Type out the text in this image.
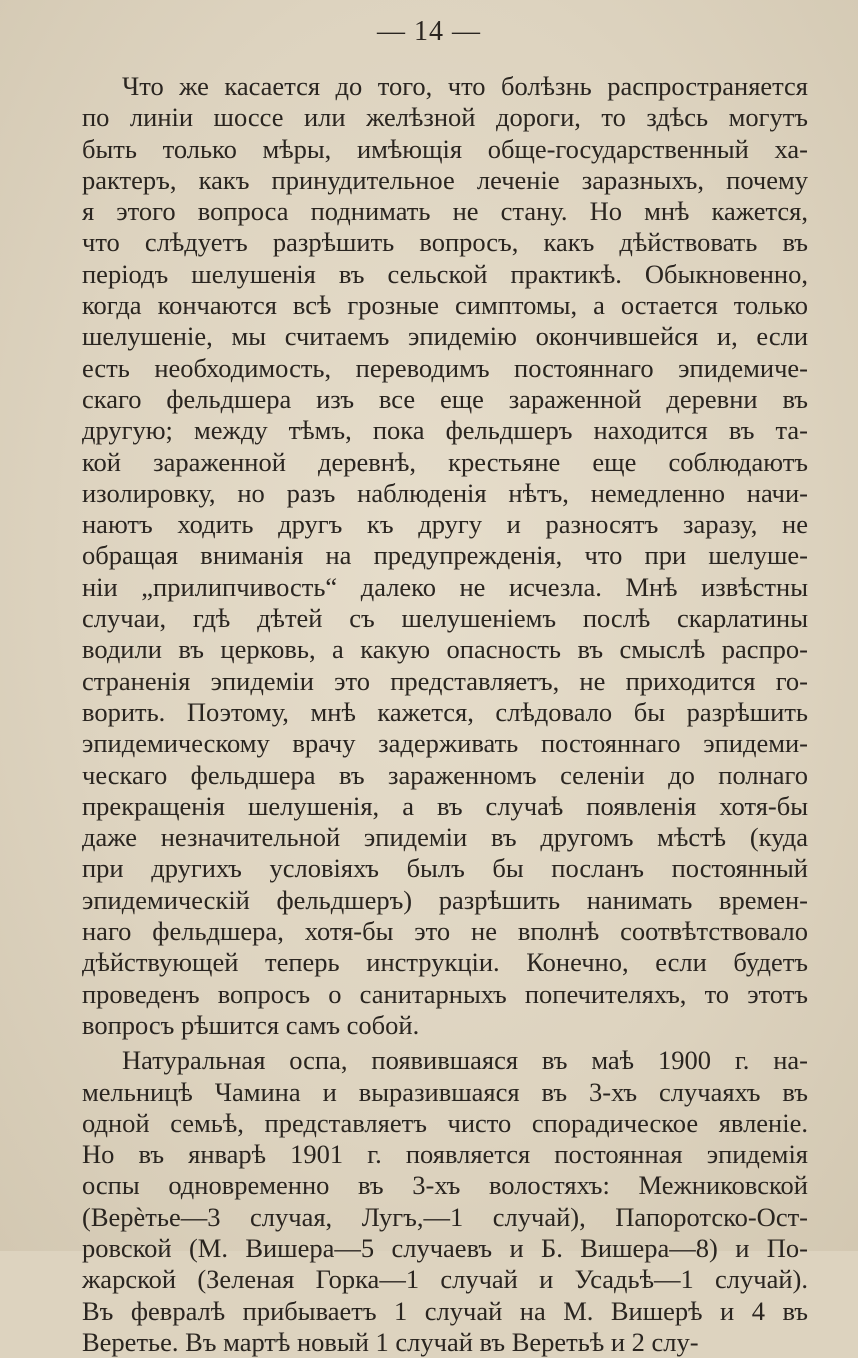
— 14 —
Что же касается до того, что болѣзнь распространяется
по линiи шоссе или желѣзной дороги, то здѣсь могутъ
быть только мѣры, имѣющiя обще-государственный ха-
рактеръ, какъ принудительное леченiе заразныхъ, почему
я этого вопроса поднимать не стану. Но мнѣ кажется,
что слѣдуетъ разрѣшить вопросъ, какъ дѣйствовать въ
перiодъ шелушенiя въ сельской практикѣ. Обыкновенно,
когда кончаются всѣ грозные симптомы, а остается только
шелушенiе, мы считаемъ эпидемiю окончившейся и, если
есть необходимость, переводимъ постояннаго эпидемиче-
скаго фельдшера изъ все еще зараженной деревни въ
другую; между тѣмъ, пока фельдшеръ находится въ та-
кой зараженной деревнѣ, крестьяне еще соблюдаютъ
изолировку, но разъ наблюденiя нѣтъ, немедленно начи-
наютъ ходить другъ къ другу и разносятъ заразу, не
обращая вниманiя на предупрежденiя, что при шелуше-
нiи „прилипчивость“ далеко не исчезла. Мнѣ извѣстны
случаи, гдѣ дѣтей съ шелушенiемъ послѣ скарлатины
водили въ церковь, а какую опасность въ смыслѣ распро-
страненiя эпидемiи это представляетъ, не приходится го-
ворить. Поэтому, мнѣ кажется, слѣдовало бы разрѣшить
эпидемическому врачу задерживать постояннаго эпидеми-
ческаго фельдшера въ зараженномъ селенiи до полнаго
прекращенiя шелушенiя, а въ случаѣ появленiя хотя-бы
даже незначительной эпидемiи въ другомъ мѣстѣ (куда
при другихъ условiяхъ былъ бы посланъ постоянный
эпидемическiй фельдшеръ) разрѣшить нанимать времен-
наго фельдшера, хотя-бы это не вполнѣ соотвѣтствовало
дѣйствующей теперь инструкцiи. Конечно, если будетъ
проведенъ вопросъ о санитарныхъ попечителяхъ, то этотъ
вопросъ рѣшится самъ собой.
Натуральная оспа, появившаяся въ маѣ 1900 г. на-
мельницѣ Чамина и выразившаяся въ 3-хъ случаяхъ въ
одной семьѣ, представляетъ чисто спорадическое явленiе.
Но въ январѣ 1901 г. появляется постоянная эпидемiя
оспы одновременно въ 3-хъ волостяхъ: Межниковской
(Верѐтье—3 случая, Лугъ,—1 случай), Папоротско-Ост-
ровской (М. Вишера—5 случаевъ и Б. Вишера—8) и По-
жарской (Зеленая Горка—1 случай и Усадьѣ—1 случай).
Въ февралѣ прибываетъ 1 случай на М. Вишерѣ и 4 въ
Веретье. Въ мартѣ новый 1 случай въ Веретьѣ и 2 слу-
